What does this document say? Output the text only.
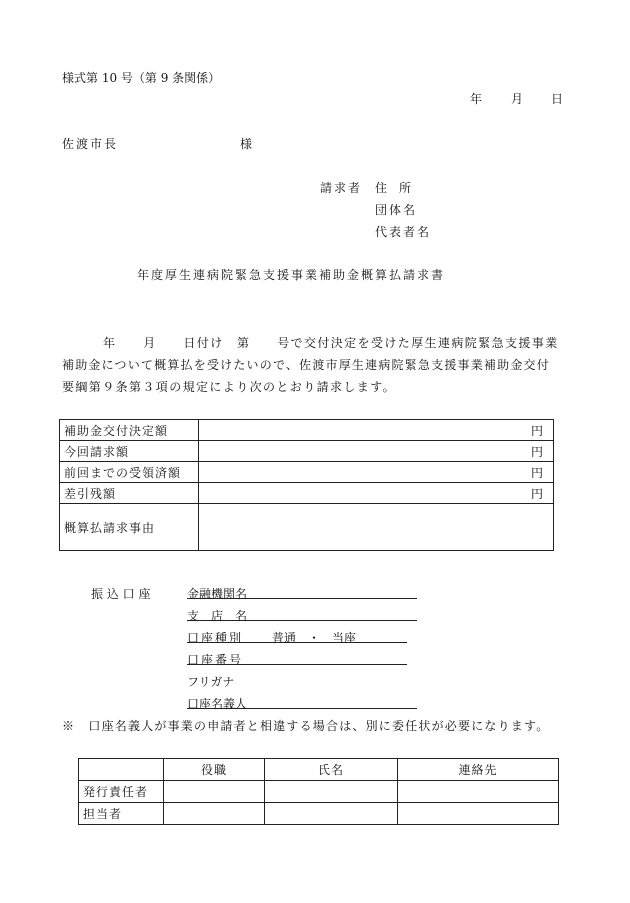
様式第 10 号（第 9 条関係）
年 月 日
佐渡市長	様
請求者 住　所
団体名
代表者名
年度厚生連病院緊急支援事業補助金概算払請求書
年　　月　　日付け　第　　号で交付決定を受けた厚生連病院緊急支援事業
補助金について概算払を受けたいので、佐渡市厚生連病院緊急支援事業補助金交付
要綱第９条第３項の規定により次のとおり請求します。
補助金交付決定額	円
今回請求額	円
前回までの受領済額	円
差引残額	円
概算払請求事由	
振 込 口 座	金融機関名
支　店　名
口座種別 普通　・　当座
口座番号
フリガナ
口座名義人
※　口座名義人が事業の申請者と相違する場合は、別に委任状が必要になります。
	役職	氏名	連絡先
発行責任者			
担当者			
